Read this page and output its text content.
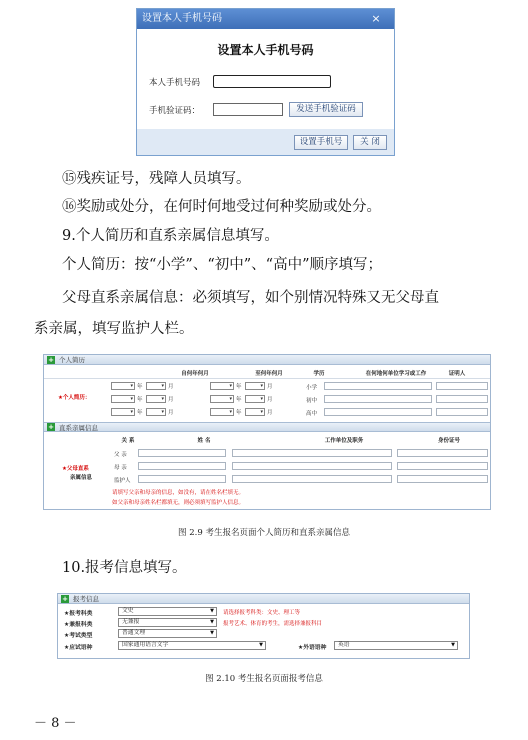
设置本人手机号码	×
设置本人手机号码
本人手机号码
手机验证码：	发送手机验证码
设置手机号	关 闭
⑮残疾证号，残障人员填写。
⑯奖励或处分，在何时何地受过何种奖励或处分。
9.个人简历和直系亲属信息填写。
个人简历：按“小学”、“初中”、“高中”顺序填写；
父母直系亲属信息：必须填写，如个别情况特殊又无父母直
系亲属，填写监护人栏。
个人简历
+
自何年何月	至何年何月	学历	在何地何单位学习或工作	证明人
★个人简历：
▾ 年	▾ 月	▾ 年	▾ 月	小学
▾ 年	▾ 月	▾ 年	▾ 月	初中
▾ 年	▾ 月	▾ 年	▾ 月	高中
直系亲属信息
+
关 系	姓 名	工作单位及职务	身份证号
★父母直系
亲属信息
父 亲
母 亲
监护人
请填写父亲和母亲的信息，如没有，请在姓名栏填无。
如父亲和母亲姓名栏都填无，则必须填写监护人信息。
图 2.9 考生报名页面个人简历和直系亲属信息
10.报考信息填写。
报考信息
+
★报考科类	文史	▼ 请选择报考科类：文史、理工等
★兼报科类	无兼报	▼ 报考艺术、体育的考生，需选择兼报科目
★考试类型	普通文理	▼
★应试语种	国家通用语言文字	▼	★外语语种	英语	▼
图 2.10 考生报名页面报考信息
－ 8 －
